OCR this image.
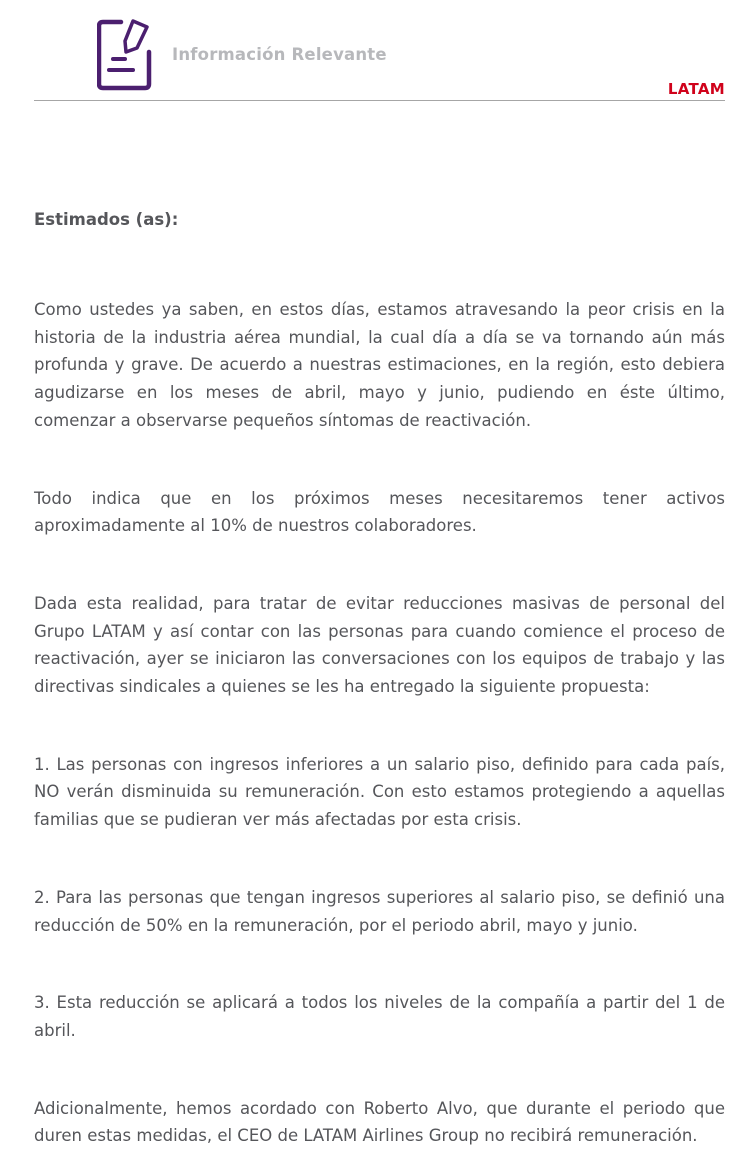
Información Relevante
LATAM

Estimados (as):

Como ustedes ya saben, en estos días, estamos atravesando la peor crisis en la historia de la industria aérea mundial, la cual día a día se va tornando aún más profunda y grave. De acuerdo a nuestras estimaciones, en la región, esto debiera agudizarse en los meses de abril, mayo y junio, pudiendo en éste último, comenzar a observarse pequeños síntomas de reactivación.

Todo indica que en los próximos meses necesitaremos tener activos aproximadamente al 10% de nuestros colaboradores.

Dada esta realidad, para tratar de evitar reducciones masivas de personal del Grupo LATAM y así contar con las personas para cuando comience el proceso de reactivación, ayer se iniciaron las conversaciones con los equipos de trabajo y las directivas sindicales a quienes se les ha entregado la siguiente propuesta:

1. Las personas con ingresos inferiores a un salario piso, definido para cada país, NO verán disminuida su remuneración. Con esto estamos protegiendo a aquellas familias que se pudieran ver más afectadas por esta crisis.

2. Para las personas que tengan ingresos superiores al salario piso, se definió una reducción de 50% en la remuneración, por el periodo abril, mayo y junio.

3. Esta reducción se aplicará a todos los niveles de la compañía a partir del 1 de abril.

Adicionalmente, hemos acordado con Roberto Alvo, que durante el periodo que duren estas medidas, el CEO de LATAM Airlines Group no recibirá remuneración.
